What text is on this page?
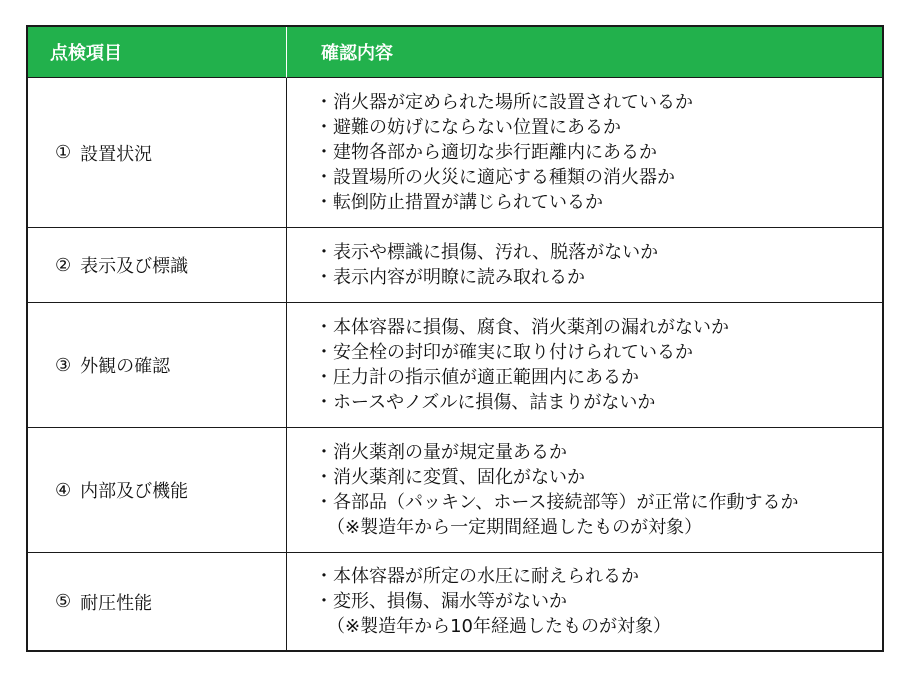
点検項目	確認内容
① 設置状況
・消火器が定められた場所に設置されているか
・避難の妨げにならない位置にあるか
・建物各部から適切な歩行距離内にあるか
・設置場所の火災に適応する種類の消火器か
・転倒防止措置が講じられているか
② 表示及び標識
・表示や標識に損傷、汚れ、脱落がないか
・表示内容が明瞭に読み取れるか
③ 外観の確認
・本体容器に損傷、腐食、消火薬剤の漏れがないか
・安全栓の封印が確実に取り付けられているか
・圧力計の指示値が適正範囲内にあるか
・ホースやノズルに損傷、詰まりがないか
④ 内部及び機能
・消火薬剤の量が規定量あるか
・消火薬剤に変質、固化がないか
・各部品（パッキン、ホース接続部等）が正常に作動するか
（※製造年から一定期間経過したものが対象）
⑤ 耐圧性能
・本体容器が所定の水圧に耐えられるか
・変形、損傷、漏水等がないか
（※製造年から10年経過したものが対象）
